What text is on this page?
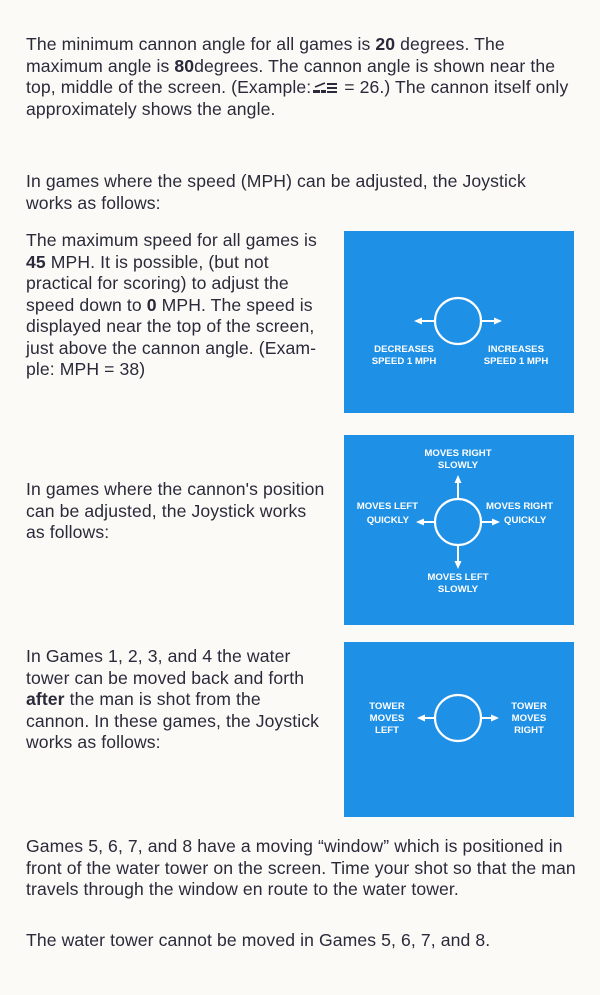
The minimum cannon angle for all games is 20 degrees. The maximum angle is 80degrees. The cannon angle is shown near the top, middle of the screen. (Example: = 26.) The cannon itself only approximately shows the angle.
In games where the speed (MPH) can be adjusted, the Joystick works as follows:
The maximum speed for all games is 45 MPH. It is possible, (but not practical for scoring) to adjust the speed down to 0 MPH. The speed is displayed near the top of the screen, just above the cannon angle. (Exam- ple: MPH = 38)
DECREASES
SPEED 1 MPH
INCREASES
SPEED 1 MPH
In games where the cannon's position can be adjusted, the Joystick works as follows:
MOVES RIGHT
SLOWLY
MOVES LEFT
QUICKLY
MOVES RIGHT
QUICKLY
MOVES LEFT
SLOWLY
In Games 1, 2, 3, and 4 the water tower can be moved back and forth after the man is shot from the cannon. In these games, the Joystick works as follows:
TOWER
MOVES
LEFT
TOWER
MOVES
RIGHT
Games 5, 6, 7, and 8 have a moving “window” which is positioned in front of the water tower on the screen. Time your shot so that the man travels through the window en route to the water tower.
The water tower cannot be moved in Games 5, 6, 7, and 8.
